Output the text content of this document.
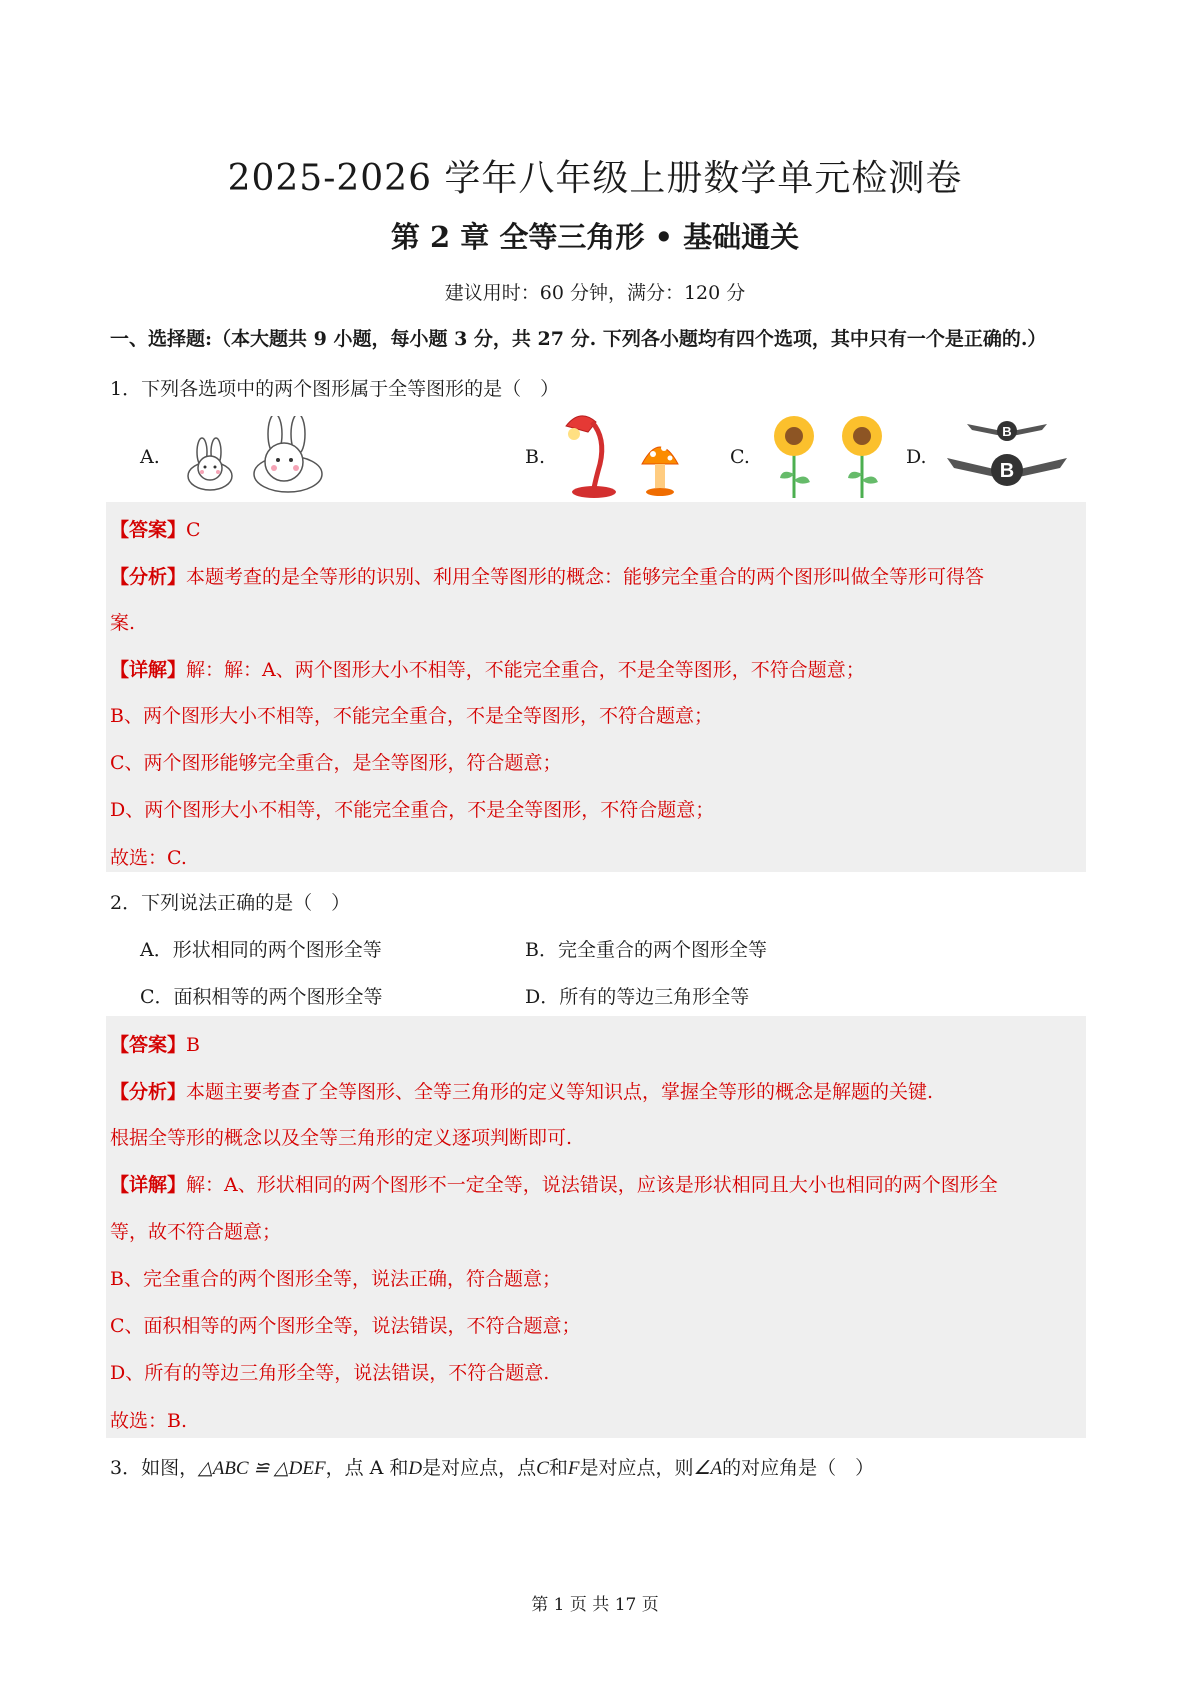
2025-2026 学年八年级上册数学单元检测卷
第 2 章 全等三角形 • 基础通关
建议用时：60 分钟，满分：120 分
一、选择题:（本大题共 9 小题，每小题 3 分，共 27 分. 下列各小题均有四个选项，其中只有一个是正确的.）
1．下列各选项中的两个图形属于全等图形的是（　）
A.	B.	C.	D.
B
B
【答案】C
【分析】本题考查的是全等形的识别、利用全等图形的概念：能够完全重合的两个图形叫做全等形可得答
案.
【详解】解：解：A、两个图形大小不相等，不能完全重合，不是全等图形，不符合题意；
B、两个图形大小不相等，不能完全重合，不是全等图形，不符合题意；
C、两个图形能够完全重合，是全等图形，符合题意；
D、两个图形大小不相等，不能完全重合，不是全等图形，不符合题意；
故选：C.
2．下列说法正确的是（　）
A．形状相同的两个图形全等	B．完全重合的两个图形全等
C．面积相等的两个图形全等	D．所有的等边三角形全等
【答案】B
【分析】本题主要考查了全等图形、全等三角形的定义等知识点，掌握全等形的概念是解题的关键.
根据全等形的概念以及全等三角形的定义逐项判断即可.
【详解】解：A、形状相同的两个图形不一定全等，说法错误，应该是形状相同且大小也相同的两个图形全
等，故不符合题意；
B、完全重合的两个图形全等，说法正确，符合题意；
C、面积相等的两个图形全等，说法错误，不符合题意；
D、所有的等边三角形全等，说法错误，不符合题意.
故选：B.
3．如图，△ABC ≌ △DEF，点 A 和D是对应点，点C和F是对应点，则∠A的对应角是（　）
第 1 页 共 17 页
